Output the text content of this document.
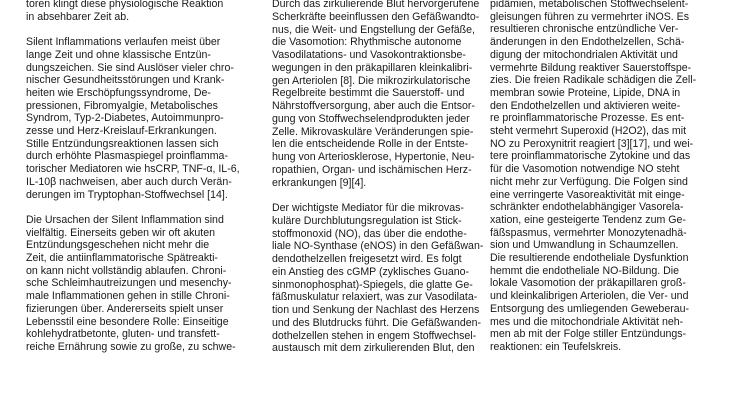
toren klingt diese physiologische Reaktion
in absehbarer Zeit ab.
Silent Inflammations verlaufen meist über
lange Zeit und ohne klassische Entzün-
dungszeichen. Sie sind Auslöser vieler chro-
nischer Gesundheitsstörungen und Krank-
heiten wie Erschöpfungssyndrome, De-
pressionen, Fibromyalgie, Metabolisches
Syndrom, Typ-2-Diabetes, Autoimmunpro-
zesse und Herz-Kreislauf-Erkrankungen.
Stille Entzündungsreaktionen lassen sich
durch erhöhte Plasmaspiegel proinflamma-
torischer Mediatoren wie hsCRP, TNF-α, IL-6,
IL-10β nachweisen, aber auch durch Verän-
derungen im Tryptophan-Stoffwechsel [14].
Die Ursachen der Silent Inflammation sind
vielfältig. Einerseits geben wir oft akuten
Entzündungsgeschehen nicht mehr die
Zeit, die antiinflammatorische Spätreakti-
on kann nicht vollständig ablaufen. Chroni-
sche Schleimhautreizungen und mesenchy-
male Inflammationen gehen in stille Chroni-
fizierungen über. Andererseits spielt unser
Lebensstil eine besondere Rolle: Einseitige
kohlehydratbetonte, gluten- und transfett-
reiche Ernährung sowie zu große, zu schwe-
Durch das zirkulierende Blut hervorgerufene
Scherkräfte beeinflussen den Gefäßwandto-
nus, die Weit- und Engstellung der Gefäße,
die Vasomotion: Rhythmische autonome
Vasodilatations- und Vasokontraktionsbe-
wegungen in den präkapillaren kleinkalibri-
gen Arteriolen [8]. Die mikrozirkulatorische
Regelbreite bestimmt die Sauerstoff- und
Nährstoffversorgung, aber auch die Entsor-
gung von Stoffwechselendprodukten jeder
Zelle. Mikrovaskuläre Veränderungen spie-
len die entscheidende Rolle in der Entste-
hung von Arteriosklerose, Hypertonie, Neu-
ropathien, Organ- und ischämischen Herz-
erkrankungen [9][4].
Der wichtigste Mediator für die mikrovas-
kuläre Durchblutungsregulation ist Stick-
stoffmonoxid (NO), das über die endothe-
liale NO-Synthase (eNOS) in den Gefäßwan-
dendothelzellen freigesetzt wird. Es folgt
ein Anstieg des cGMP (zyklisches Guano-
sinmonophosphat)-Spiegels, die glatte Ge-
fäßmuskulatur relaxiert, was zur Vasodilata-
tion und Senkung der Nachlast des Herzens
und des Blutdrucks führt. Die Gefäßwanden-
dothelzellen stehen in engem Stoffwechsel-
austausch mit dem zirkulierenden Blut, den
pidämien, metabolischen Stoffwechselent-
gleisungen führen zu vermehrter iNOS. Es
resultieren chronische entzündliche Ver-
änderungen in den Endothelzellen, Schä-
digung der mitochondrialen Aktivität und
vermehrte Bildung reaktiver Sauerstoffspe-
zies. Die freien Radikale schädigen die Zell-
membran sowie Proteine, Lipide, DNA in
den Endothelzellen und aktivieren weite-
re proinflammatorische Prozesse. Es ent-
steht vermehrt Superoxid (H2O2), das mit
NO zu Peroxynitrit reagiert [3][17], und wei-
tere proinflammatorische Zytokine und das
für die Vasomotion notwendige NO steht
nicht mehr zur Verfügung. Die Folgen sind
eine verringerte Vasoreaktivität mit einge-
schränkter endothelabhängiger Vasorela-
xation, eine gesteigerte Tendenz zum Ge-
fäßspasmus, vermehrter Monozytenadhä-
sion und Umwandlung in Schaumzellen.
Die resultierende endotheliale Dysfunktion
hemmt die endotheliale NO-Bildung. Die
lokale Vasomotion der präkapillaren groß-
und kleinkalibrigen Arteriolen, die Ver- und
Entsorgung des umliegenden Geweberau-
mes und die mitochondriale Aktivität neh-
men ab mit der Folge stiller Entzündungs-
reaktionen: ein Teufelskreis.
